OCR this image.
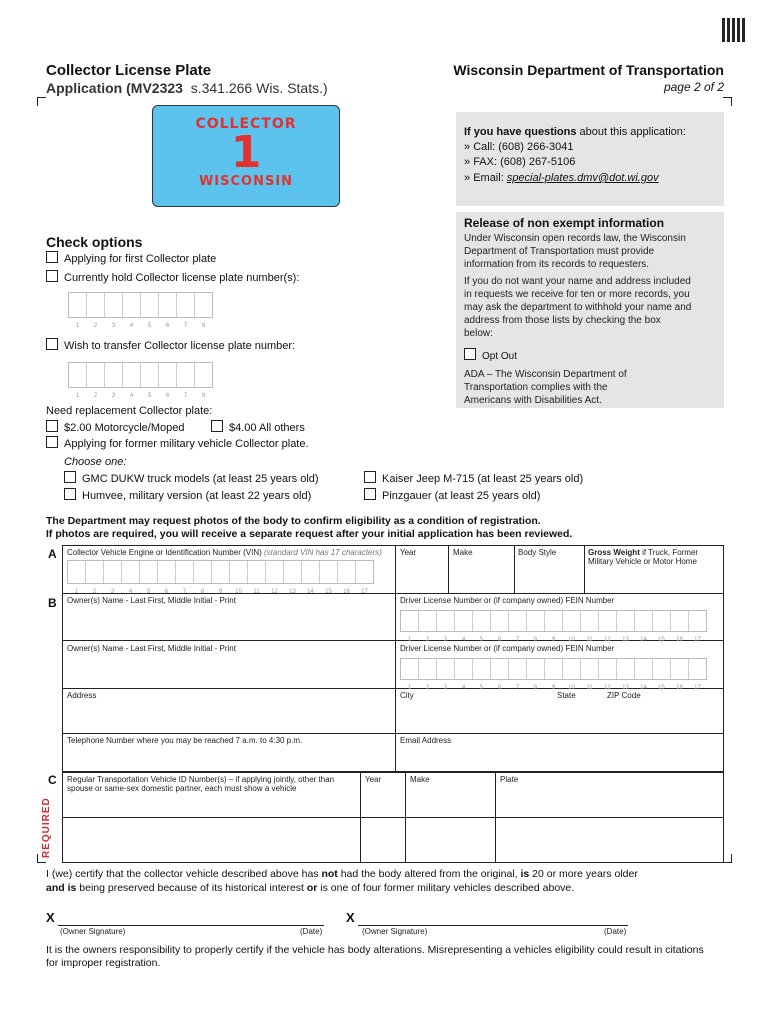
Collector License Plate
Application (MV2323 s.341.266 Wis. Stats.)
Wisconsin Department of Transportation
page 2 of 2
COLLECTOR
1
WISCONSIN
If you have questions about this application:
» Call: (608) 266-3041
» FAX: (608) 267-5106
» Email: special-plates.dmv@dot.wi.gov
Release of non exempt information
Under Wisconsin open records law, the Wisconsin Department of Transportation must provide information from its records to requesters.
If you do not want your name and address included in requests we receive for ten or more records, you may ask the department to withhold your name and address from those lists by checking the box below:
Opt Out
ADA – The Wisconsin Department of Transportation complies with the Americans with Disabilities Act.
Check options
Applying for first Collector plate
Currently hold Collector license plate number(s):
1	2	3	4	5	6	7	8
Wish to transfer Collector license plate number:
1	2	3	4	5	6	7	8
Need replacement Collector plate:
$2.00 Motorcycle/Moped	$4.00 All others
Applying for former military vehicle Collector plate.
Choose one:
GMC DUKW truck models (at least 25 years old)
Humvee, military version (at least 22 years old)
Kaiser Jeep M-715 (at least 25 years old)
Pinzgauer (at least 25 years old)
The Department may request photos of the body to confirm eligibility as a condition of registration.
If photos are required, you will receive a separate request after your initial application has been reviewed.
A Collector Vehicle Engine or Identification Number (VIN) (standard VIN has 17 characters)
1	2	3	4	5	6	7	8	9	10	11	12	13	14	15	16	17
Year	Make	Body Style	Gross Weight if Truck, Former Military Vehicle or Motor Home
B Owner(s) Name - Last First, Middle Initial - Print	Driver License Number or (if company owned) FEIN Number
1	2	3	4	5	6	7	8	9	10	11	12	13	14	15	16	17
Owner(s) Name - Last First, Middle Initial - Print	Driver License Number or (if company owned) FEIN Number
1	2	3	4	5	6	7	8	9	10	11	12	13	14	15	16	17
Address	City	State	ZIP Code
Telephone Number where you may be reached 7 a.m. to 4:30 p.m.	Email Address
C
REQUIRED
Regular Transportation Vehicle ID Number(s) – if applying jointly, other than spouse or same-sex domestic partner, each must show a vehicle
Year	Make	Plate
I (we) certify that the collector vehicle described above has not had the body altered from the original, is 20 or more years older
and is being preserved because of its historical interest or is one of four former military vehicles described above.
X
(Owner Signature)	(Date)
X
(Owner Signature)	(Date)
It is the owners responsibility to properly certify if the vehicle has body alterations. Misrepresenting a vehicles eligibility could result in citations for improper registration.
